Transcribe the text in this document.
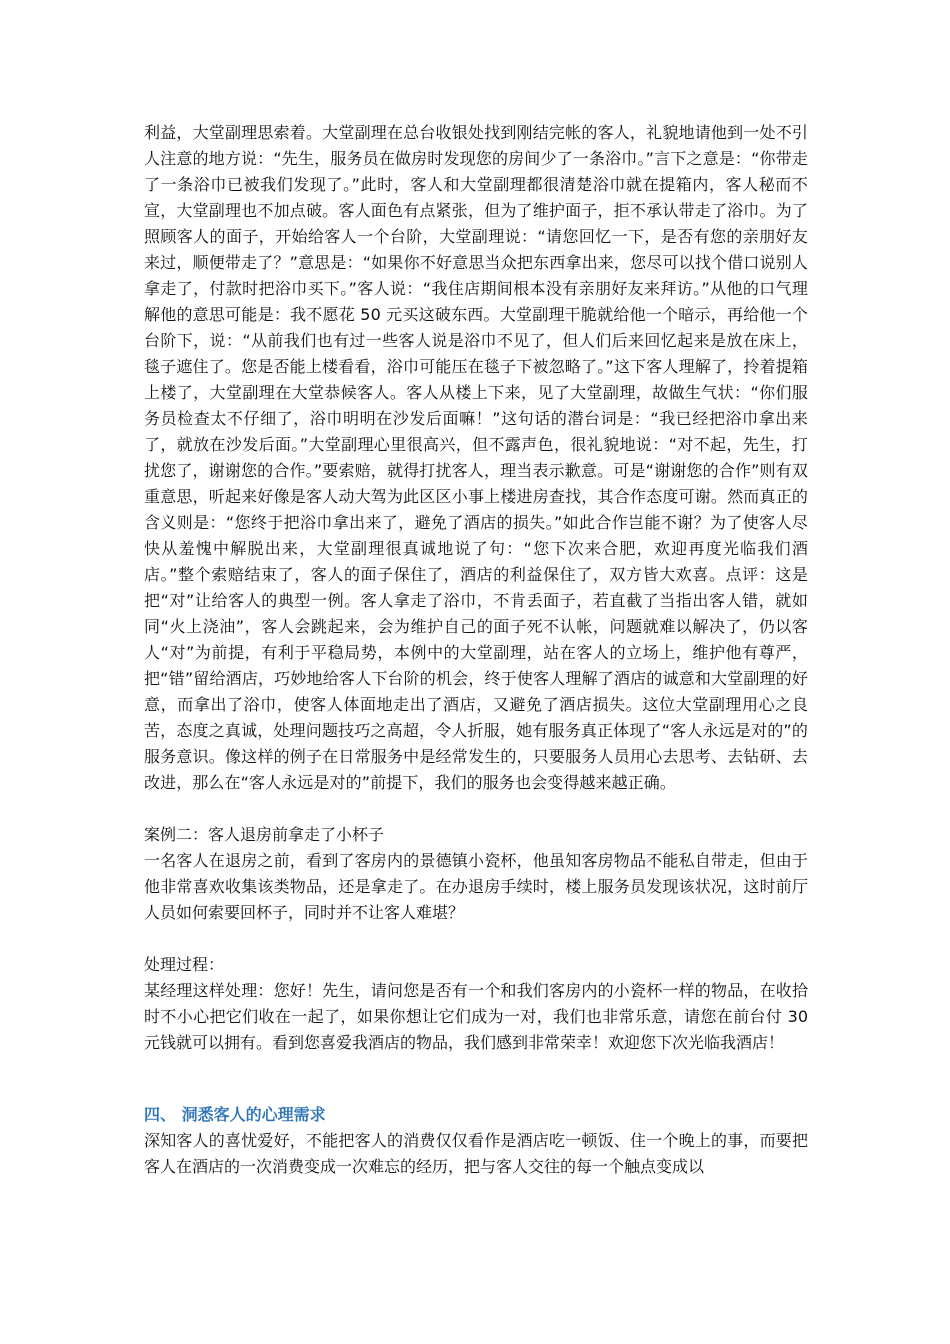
利益，大堂副理思索着。大堂副理在总台收银处找到刚结完帐的客人，礼貌地请他到一处不引人注意的地方说：“先生，服务员在做房时发现您的房间少了一条浴巾。”言下之意是：“你带走了一条浴巾已被我们发现了。”此时，客人和大堂副理都很清楚浴巾就在提箱内，客人秘而不宣，大堂副理也不加点破。客人面色有点紧张，但为了维护面子，拒不承认带走了浴巾。为了照顾客人的面子，开始给客人一个台阶，大堂副理说：“请您回忆一下，是否有您的亲朋好友来过，顺便带走了？”意思是：“如果你不好意思当众把东西拿出来，您尽可以找个借口说别人拿走了，付款时把浴巾买下。”客人说：“我住店期间根本没有亲朋好友来拜访。”从他的口气理解他的意思可能是：我不愿花 50 元买这破东西。大堂副理干脆就给他一个暗示，再给他一个台阶下，说：“从前我们也有过一些客人说是浴巾不见了，但人们后来回忆起来是放在床上，毯子遮住了。您是否能上楼看看，浴巾可能压在毯子下被忽略了。”这下客人理解了，拎着提箱上楼了，大堂副理在大堂恭候客人。客人从楼上下来，见了大堂副理，故做生气状：“你们服务员检查太不仔细了，浴巾明明在沙发后面嘛！”这句话的潜台词是：“我已经把浴巾拿出来了，就放在沙发后面。”大堂副理心里很高兴，但不露声色，很礼貌地说：“对不起，先生，打扰您了，谢谢您的合作。”要索赔，就得打扰客人，理当表示歉意。可是“谢谢您的合作”则有双重意思，听起来好像是客人动大驾为此区区小事上楼进房查找，其合作态度可谢。然而真正的含义则是：“您终于把浴巾拿出来了，避免了酒店的损失。”如此合作岂能不谢？为了使客人尽快从羞愧中解脱出来，大堂副理很真诚地说了句：“您下次来合肥，欢迎再度光临我们酒店。”整个索赔结束了，客人的面子保住了，酒店的利益保住了，双方皆大欢喜。点评：这是把“对”让给客人的典型一例。客人拿走了浴巾，不肯丢面子，若直截了当指出客人错，就如同“火上浇油”，客人会跳起来，会为维护自己的面子死不认帐，问题就难以解决了，仍以客人“对”为前提，有利于平稳局势，本例中的大堂副理，站在客人的立场上，维护他有尊严，把“错”留给酒店，巧妙地给客人下台阶的机会，终于使客人理解了酒店的诚意和大堂副理的好意，而拿出了浴巾，使客人体面地走出了酒店，又避免了酒店损失。这位大堂副理用心之良苦，态度之真诚，处理问题技巧之高超，令人折服，她有服务真正体现了“客人永远是对的”的服务意识。像这样的例子在日常服务中是经常发生的，只要服务人员用心去思考、去钻研、去改进，那么在“客人永远是对的”前提下，我们的服务也会变得越来越正确。

案例二：客人退房前拿走了小杯子

一名客人在退房之前，看到了客房内的景德镇小瓷杯，他虽知客房物品不能私自带走，但由于他非常喜欢收集该类物品，还是拿走了。在办退房手续时，楼上服务员发现该状况，这时前厅人员如何索要回杯子，同时并不让客人难堪？

处理过程：

某经理这样处理：您好！先生，请问您是否有一个和我们客房内的小瓷杯一样的物品，在收拾时不小心把它们收在一起了，如果你想让它们成为一对，我们也非常乐意，请您在前台付 30 元钱就可以拥有。看到您喜爱我酒店的物品，我们感到非常荣幸！欢迎您下次光临我酒店！

四、 洞悉客人的心理需求

深知客人的喜忧爱好，不能把客人的消费仅仅看作是酒店吃一顿饭、住一个晚上的事，而要把客人在酒店的一次消费变成一次难忘的经历，把与客人交往的每一个触点变成以
